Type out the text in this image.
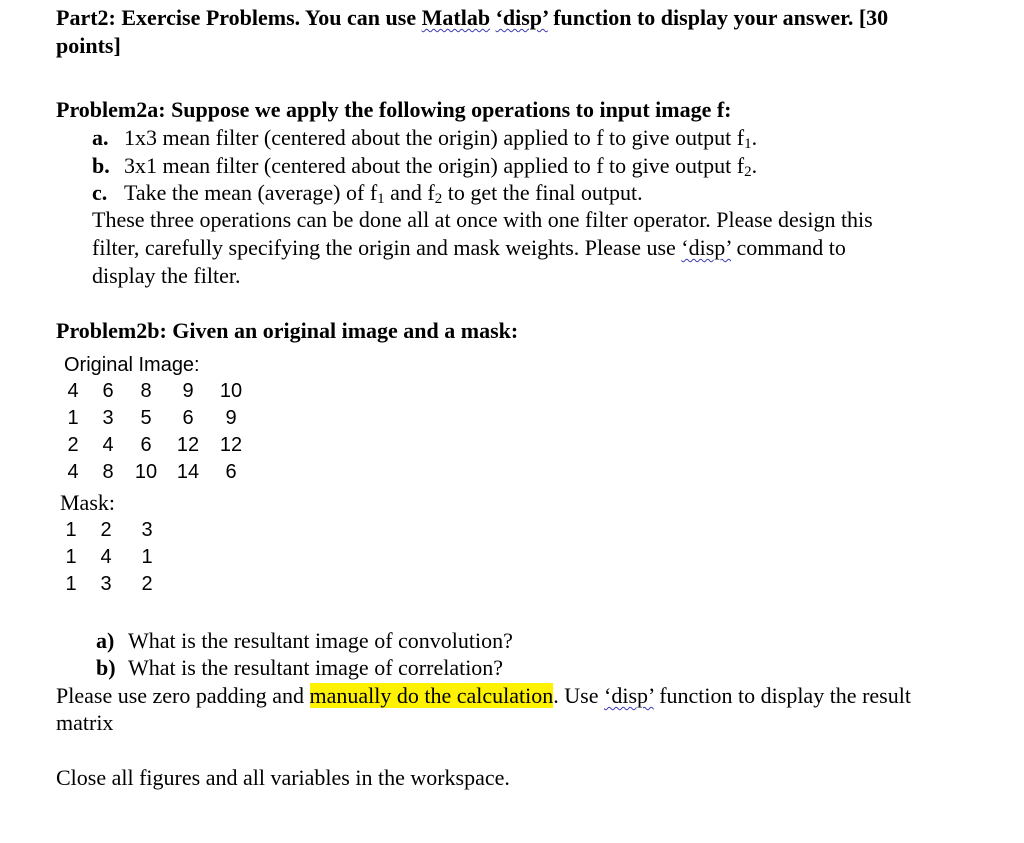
Part2: Exercise Problems. You can use Matlab ‘disp’ function to display your answer. [30
points]
Problem2a: Suppose we apply the following operations to input image f:
a. 1x3 mean filter (centered about the origin) applied to f to give output $f_1$.
b. 3x1 mean filter (centered about the origin) applied to f to give output $f_2$.
c. Take the mean (average) of $f_1$ and $f_2$ to get the final output.
These three operations can be done all at once with one filter operator. Please design this
filter, carefully specifying the origin and mask weights. Please use ‘disp’ command to
display the filter.
Problem2b: Given an original image and a mask:
Original Image:
4	6	8	9	10
1	3	5	6	9
2	4	6	12	12
4	8	10	14	6
Mask:
1	2	3
1	4	1
1	3	2
a) What is the resultant image of convolution?
b) What is the resultant image of correlation?
Please use zero padding and manually do the calculation. Use ‘disp’ function to display the result
matrix
Close all figures and all variables in the workspace.
